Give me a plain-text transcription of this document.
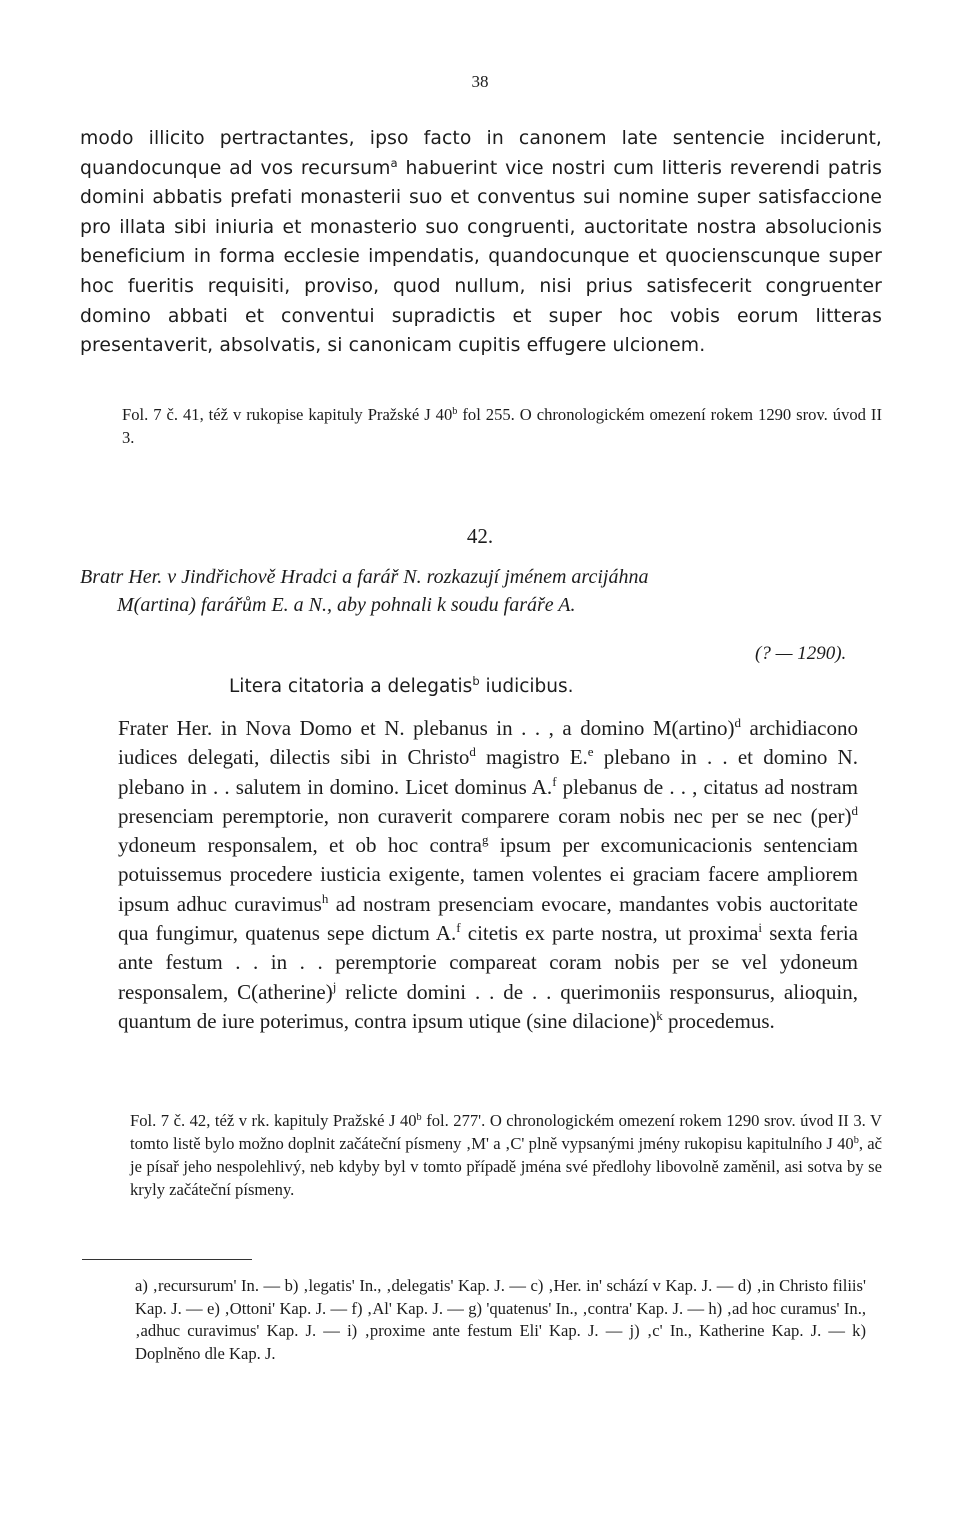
38
modo illicito pertractantes, ipso facto in canonem late sentencie inciderunt, quandocunque ad vos recursum$^a$ habuerint vice nostri cum litteris reverendi patris domini abbatis prefati monasterii suo et conventus sui nomine super satisfaccione pro illata sibi iniuria et monasterio suo congruenti, auctoritate nostra absolucionis beneficium in forma ecclesie impendatis, quandocunque et quocienscunque super hoc fueritis requisiti, proviso, quod nullum, nisi prius satisfecerit congruenter domino abbati et conventui supradictis et super hoc vobis eorum litteras presentaverit, absolvatis, si canonicam cupitis effugere ulcionem.
Fol. 7 č. 41, též v rukopise kapituly Pražské J 40$^b$ fol 255. O chronologickém omezení rokem 1290 srov. úvod II 3.
42.
Bratr Her. v Jindřichově Hradci a farář N. rozkazují jménem arcijáhna
M(artina) farářům E. a N., aby pohnali k soudu faráře A.
(? — 1290).
Litera citatoria a delegatis$^b$ iudicibus.
Frater Her. in Nova Domo et N. plebanus in . . , a domino M(artino)$^d$ archidiacono iudices delegati, dilectis sibi in Christo$^d$ magistro E.$^e$ plebano in . . et domino N. plebano in . . salutem in domino. Licet dominus A.$^f$ plebanus de . . , citatus ad nostram presenciam peremptorie, non curaverit comparere coram nobis nec per se nec (per)$^d$ ydoneum responsalem, et ob hoc contra$^g$ ipsum per excomunicacionis sentenciam potuissemus procedere iusticia exigente, tamen volentes ei graciam facere ampliorem ipsum adhuc curavimus$^h$ ad nostram presenciam evocare, mandantes vobis auctoritate qua fungimur, quatenus sepe dictum A.$^f$ citetis ex parte nostra, ut proxima$^i$ sexta feria ante festum . . in . . peremptorie compareat coram nobis per se vel ydoneum responsalem, C(atherine)$^j$ relicte domini . . de . . querimoniis responsurus, alioquin, quantum de iure poterimus, contra ipsum utique (sine dilacione)$^k$ procedemus.
Fol. 7 č. 42, též v rk. kapituly Pražské J 40$^b$ fol. 277'. O chronologickém omezení rokem 1290 srov. úvod II 3. V tomto listě bylo možno doplnit začáteční písmeny ‚M' a ‚C' plně vypsanými jmény rukopisu kapitulního J 40$^b$, ač je písař jeho nespolehlivý, neb kdyby byl v tomto případě jména své předlohy libovolně zaměnil, asi sotva by se kryly začáteční písmeny.
a) ‚recursurum' In. — b) ‚legatis' In., ‚delegatis' Kap. J. — c) ‚Her. in' schází v Kap. J. — d) ‚in Christo filiis' Kap. J. — e) ‚Ottoni' Kap. J. — f) ‚Al' Kap. J. — g) 'quatenus' In., ‚contra' Kap. J. — h) ‚ad hoc curamus' In., ‚adhuc curavimus' Kap. J. — i) ‚proxime ante festum Eli' Kap. J. — j) ‚c' In., Katherine Kap. J. — k) Doplněno dle Kap. J.
